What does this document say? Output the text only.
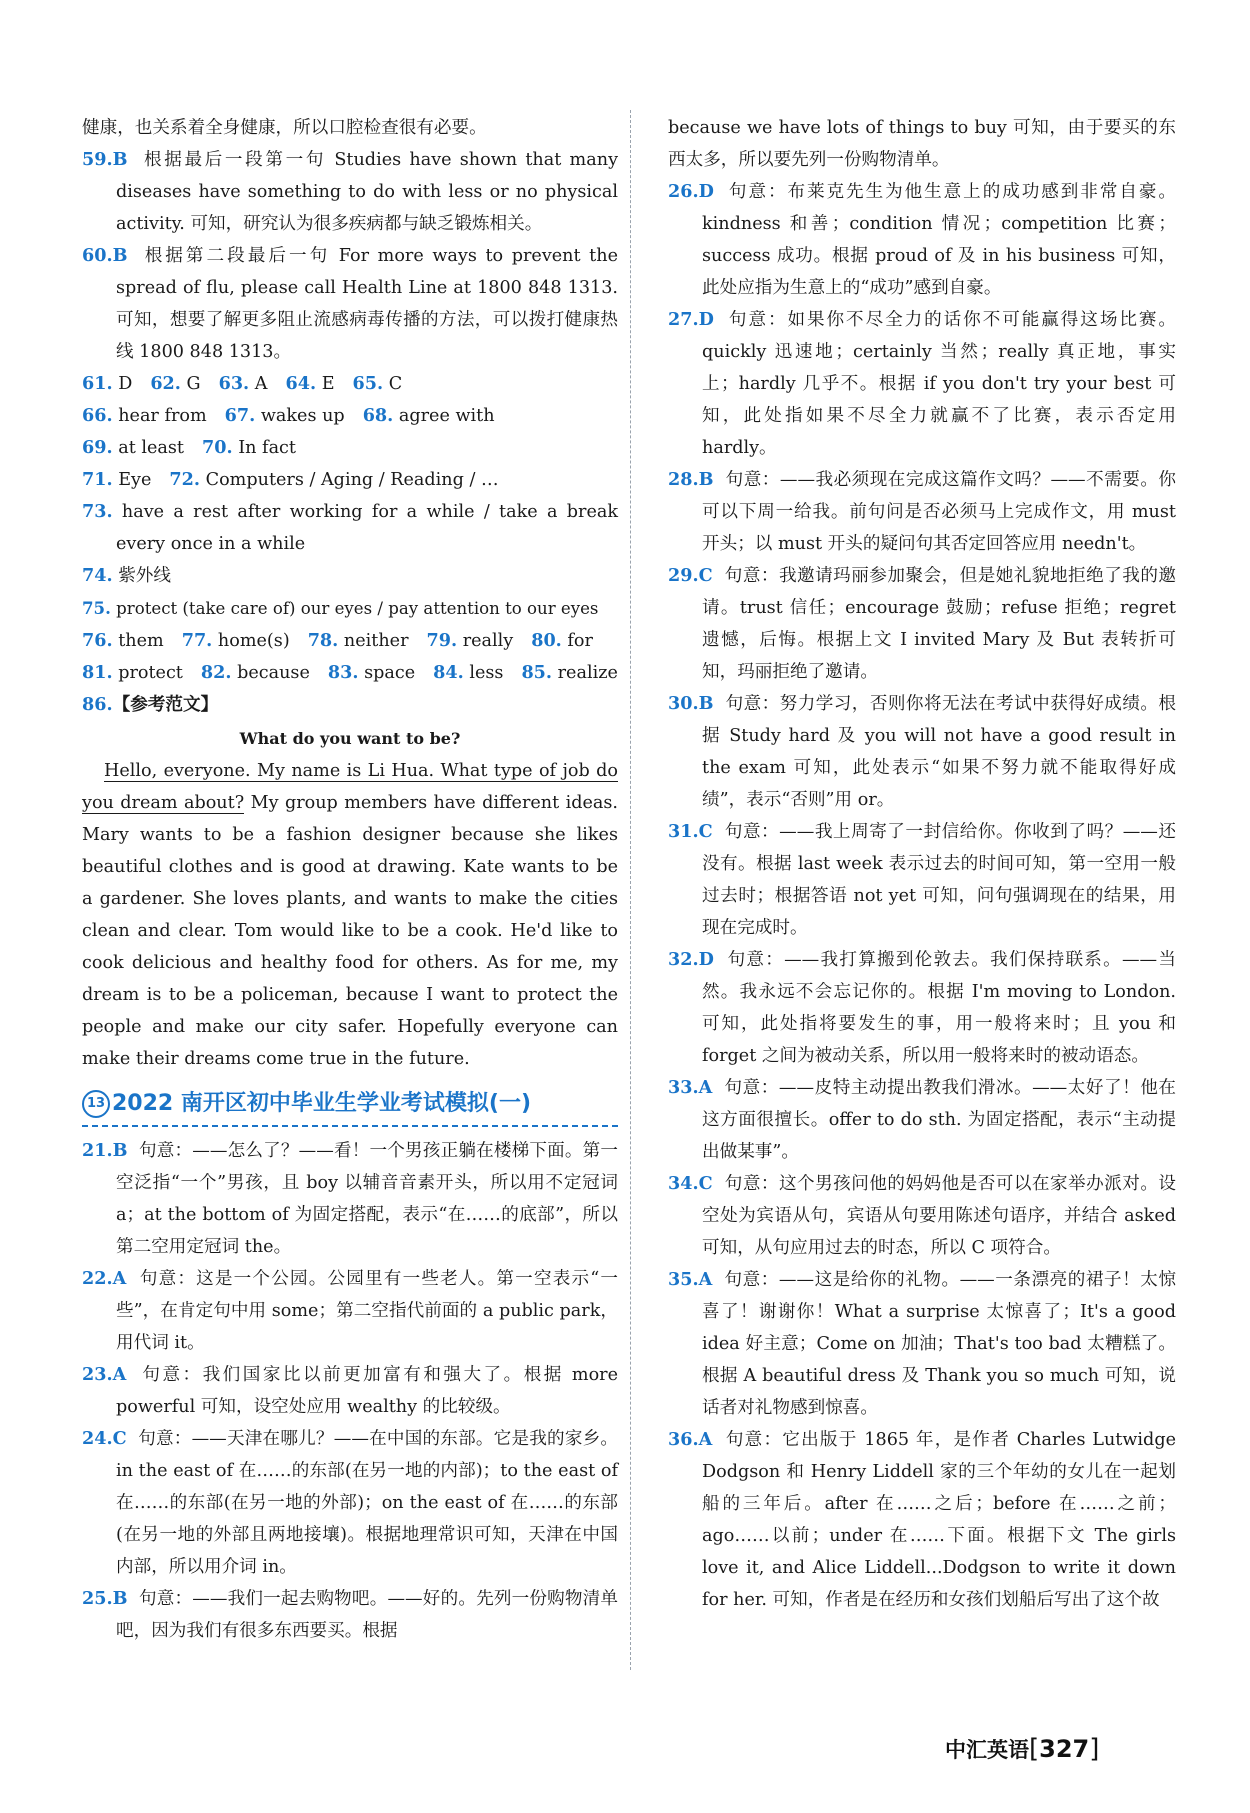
健康，也关系着全身健康，所以口腔检查很有必要。

59.B 根据最后一段第一句 Studies have shown that many diseases have something to do with less or no physical activity. 可知，研究认为很多疾病都与缺乏锻炼相关。

60.B 根据第二段最后一句 For more ways to prevent the spread of flu, please call Health Line at 1800 848 1313. 可知，想要了解更多阻止流感病毒传播的方法，可以拨打健康热线 1800 848 1313。

61. D 62. G 63. A 64. E 65. C

66. hear from 67. wakes up 68. agree with

69. at least 70. In fact

71. Eye 72. Computers / Aging / Reading / …

73. have a rest after working for a while / take a break every once in a while

74. 紫外线

75. protect (take care of) our eyes / pay attention to our eyes

76. them 77. home(s) 78. neither 79. really 80. for

81. protect 82. because 83. space 84. less 85. realize

86.【参考范文】

What do you want to be?

Hello, everyone. My name is Li Hua. What type of job do you dream about? My group members have different ideas. Mary wants to be a fashion designer because she likes beautiful clothes and is good at drawing. Kate wants to be a gardener. She loves plants, and wants to make the cities clean and clear. Tom would like to be a cook. He'd like to cook delicious and healthy food for others. As for me, my dream is to be a policeman, because I want to protect the people and make our city safer. Hopefully everyone can make their dreams come true in the future.

13 2022 南开区初中毕业生学业考试模拟(一)

21.B 句意：——怎么了？——看！一个男孩正躺在楼梯下面。第一空泛指“一个”男孩，且 boy 以辅音音素开头，所以用不定冠词 a；at the bottom of 为固定搭配，表示“在……的底部”，所以第二空用定冠词 the。

22.A 句意：这是一个公园。公园里有一些老人。第一空表示“一些”，在肯定句中用 some；第二空指代前面的 a public park，用代词 it。

23.A 句意：我们国家比以前更加富有和强大了。根据 more powerful 可知，设空处应用 wealthy 的比较级。

24.C 句意：——天津在哪儿？——在中国的东部。它是我的家乡。in the east of 在……的东部(在另一地的内部)；to the east of 在……的东部(在另一地的外部)；on the east of 在……的东部(在另一地的外部且两地接壤)。根据地理常识可知，天津在中国内部，所以用介词 in。

25.B 句意：——我们一起去购物吧。——好的。先列一份购物清单吧，因为我们有很多东西要买。根据

because we have lots of things to buy 可知，由于要买的东西太多，所以要先列一份购物清单。

26.D 句意：布莱克先生为他生意上的成功感到非常自豪。kindness 和善；condition 情况；competition 比赛；success 成功。根据 proud of 及 in his business 可知，此处应指为生意上的“成功”感到自豪。

27.D 句意：如果你不尽全力的话你不可能赢得这场比赛。quickly 迅速地；certainly 当然；really 真正地，事实上；hardly 几乎不。根据 if you don't try your best 可知，此处指如果不尽全力就赢不了比赛，表示否定用 hardly。

28.B 句意：——我必须现在完成这篇作文吗？——不需要。你可以下周一给我。前句问是否必须马上完成作文，用 must 开头；以 must 开头的疑问句其否定回答应用 needn't。

29.C 句意：我邀请玛丽参加聚会，但是她礼貌地拒绝了我的邀请。trust 信任；encourage 鼓励；refuse 拒绝；regret 遗憾，后悔。根据上文 I invited Mary 及 But 表转折可知，玛丽拒绝了邀请。

30.B 句意：努力学习，否则你将无法在考试中获得好成绩。根据 Study hard 及 you will not have a good result in the exam 可知，此处表示“如果不努力就不能取得好成绩”，表示“否则”用 or。

31.C 句意：——我上周寄了一封信给你。你收到了吗？——还没有。根据 last week 表示过去的时间可知，第一空用一般过去时；根据答语 not yet 可知，问句强调现在的结果，用现在完成时。

32.D 句意：——我打算搬到伦敦去。我们保持联系。——当然。我永远不会忘记你的。根据 I'm moving to London. 可知，此处指将要发生的事，用一般将来时；且 you 和 forget 之间为被动关系，所以用一般将来时的被动语态。

33.A 句意：——皮特主动提出教我们滑冰。——太好了！他在这方面很擅长。offer to do sth. 为固定搭配，表示“主动提出做某事”。

34.C 句意：这个男孩问他的妈妈他是否可以在家举办派对。设空处为宾语从句，宾语从句要用陈述句语序，并结合 asked 可知，从句应用过去的时态，所以 C 项符合。

35.A 句意：——这是给你的礼物。——一条漂亮的裙子！太惊喜了！谢谢你！What a surprise 太惊喜了；It's a good idea 好主意；Come on 加油；That's too bad 太糟糕了。根据 A beautiful dress 及 Thank you so much 可知，说话者对礼物感到惊喜。

36.A 句意：它出版于 1865 年，是作者 Charles Lutwidge Dodgson 和 Henry Liddell 家的三个年幼的女儿在一起划船的三年后。after 在……之后；before 在……之前；ago……以前；under 在……下面。根据下文 The girls love it, and Alice Liddell...Dodgson to write it down for her. 可知，作者是在经历和女孩们划船后写出了这个故

中汇英语[327]
